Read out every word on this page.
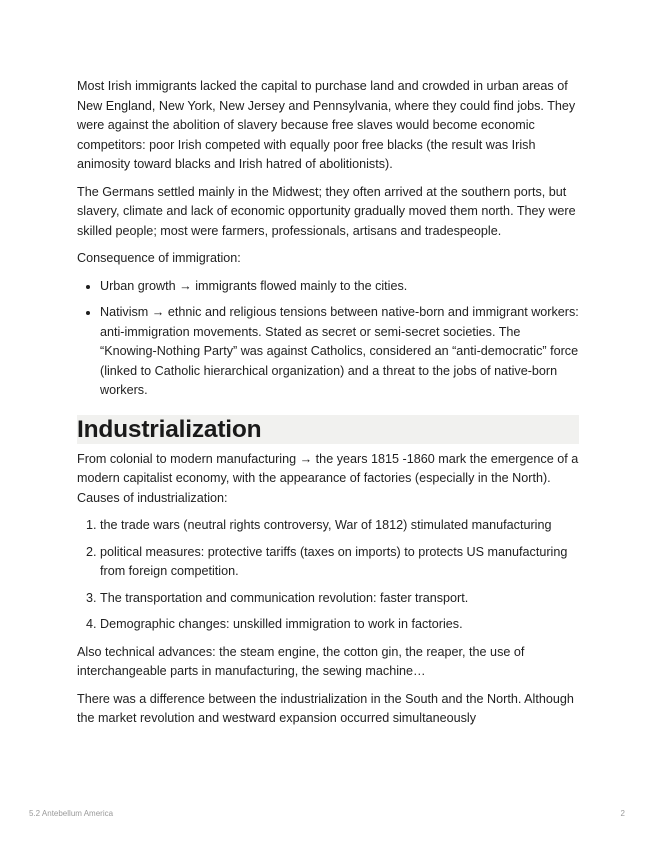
Most Irish immigrants lacked the capital to purchase land and crowded in urban areas of New England, New York, New Jersey and Pennsylvania, where they could find jobs. They were against the abolition of slavery because free slaves would become economic competitors: poor Irish competed with equally poor free blacks (the result was Irish animosity toward blacks and Irish hatred of abolitionists).

The Germans settled mainly in the Midwest; they often arrived at the southern ports, but slavery, climate and lack of economic opportunity gradually moved them north. They were skilled people; most were farmers, professionals, artisans and tradespeople.

Consequence of immigration:

• Urban growth → immigrants flowed mainly to the cities.
• Nativism → ethnic and religious tensions between native-born and immigrant workers: anti-immigration movements. Stated as secret or semi-secret societies. The “Knowing-Nothing Party” was against Catholics, considered an “anti-democratic” force (linked to Catholic hierarchical organization) and a threat to the jobs of native-born workers.
Industrialization

From colonial to modern manufacturing → the years 1815 -1860 mark the emergence of a modern capitalist economy, with the appearance of factories (especially in the North). Causes of industrialization:

1. the trade wars (neutral rights controversy, War of 1812) stimulated manufacturing
2. political measures: protective tariffs (taxes on imports) to protects US manufacturing from foreign competition.
3. The transportation and communication revolution: faster transport.
4. Demographic changes: unskilled immigration to work in factories.

Also technical advances: the steam engine, the cotton gin, the reaper, the use of interchangeable parts in manufacturing, the sewing machine…

There was a difference between the industrialization in the South and the North. Although the market revolution and westward expansion occurred simultaneously

5.2 Antebellum America	2
